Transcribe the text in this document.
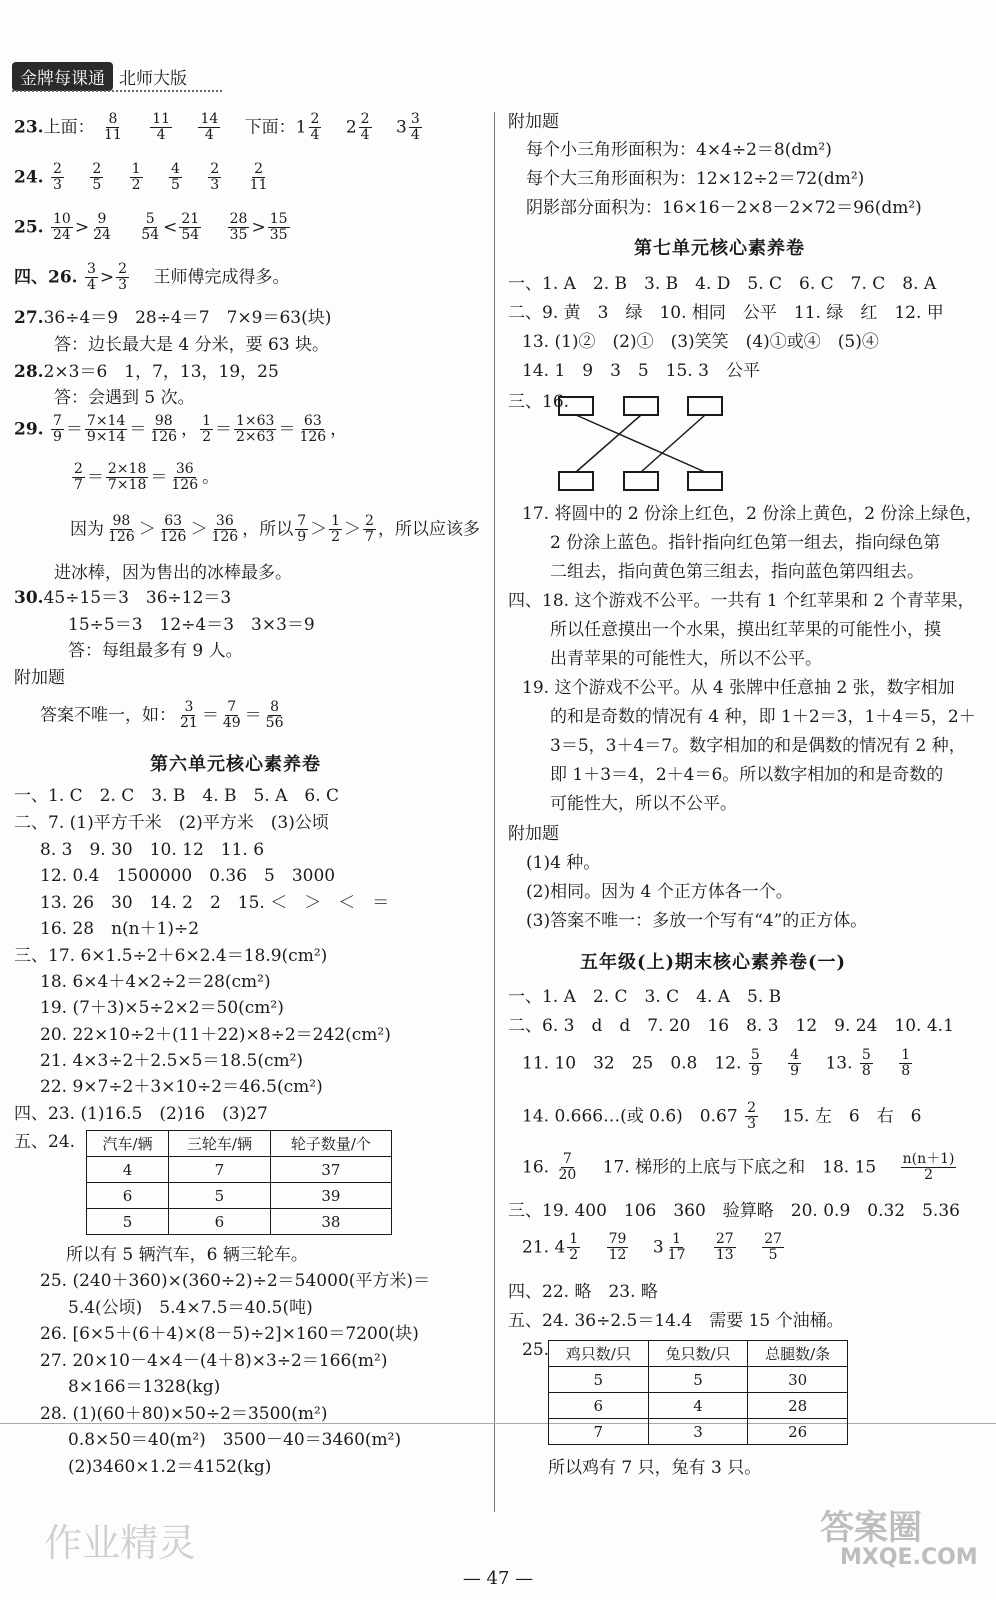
金牌每课通 北师大版
23.上面： $\frac{8}{11}$
　 $\frac{11}{4}$
　 $\frac{14}{4}$
　 下面：$1 \frac{2}{4}$
　 $2 \frac{2}{4}$
　 $3 \frac{3}{4}$
24. $\frac{2}{3}$
　 $\frac{2}{5}$
　 $\frac{1}{2}$
　 $\frac{4}{5}$
　 $\frac{2}{3}$
　 $\frac{2}{11}$
25. $\frac{10}{24} > \frac{9}{24}$
　 $\frac{5}{54} < \frac{21}{54}$
　 $\frac{28}{35} > \frac{15}{35}$
四、26. $\frac{3}{4} > \frac{2}{3}$
　 王师傅完成得多。
27.36÷4＝9　28÷4＝7　7×9＝63(块)
答：边长最大是 4 分米，要 63 块。
28.2×3＝6　1，7，13，19，25
答：会遇到 5 次。
29. $\frac{7}{9} = \frac{7\times 14}{9\times 14} = \frac{98}{126}$ ， $\frac{1}{2} = \frac{1\times 63}{2\times 63} = \frac{63}{126}$ ，
$\frac{2}{7} = \frac{2\times 18}{7\times 18} = \frac{36}{126}$ 。
因为 $\frac{98}{126} > \frac{63}{126} > \frac{36}{126}$ ，所以 $\frac{7}{9} > \frac{1}{2} > \frac{2}{7}$ ，所以应该多
进冰棒，因为售出的冰棒最多。
30.45÷15＝3　36÷12＝3
15÷5＝3　12÷4＝3　3×3＝9
答：每组最多有 9 人。
附加题
答案不唯一，如： $\frac{3}{21} = \frac{7}{49} = \frac{8}{56}$
第六单元核心素养卷
一、1. C　2. C　3. B　4. B　5. A　6. C
二、7. (1)平方千米　(2)平方米　(3)公顷
8. 3　9. 30　10. 12　11. 6
12. 0.4　1500000　0.36　5　3000
13. 26　30　14. 2　2　15. ＜　＞　＜　＝
16. 28　n(n＋1)÷2
三、17. 6×1.5÷2＋6×2.4＝18.9(cm²)
18. 6×4＋4×2÷2＝28(cm²)
19. (7＋3)×5÷2×2＝50(cm²)
20. 22×10÷2＋(11＋22)×8÷2＝242(cm²)
21. 4×3÷2＋2.5×5＝18.5(cm²)
22. 9×7÷2＋3×10÷2＝46.5(cm²)
四、23. (1)16.5　(2)16　(3)27
五、24. 汽车/辆	三轮车/辆	轮子数量/个
4	7	37
6	5	39
5	6	38
所以有 5 辆汽车，6 辆三轮车。
25. (240＋360)×(360÷2)÷2＝54000(平方米)＝
5.4(公顷)　5.4×7.5＝40.5(吨)
26. [6×5＋(6＋4)×(8－5)÷2]×160＝7200(块)
27. 20×10－4×4－(4＋8)×3÷2＝166(m²)
8×166＝1328(kg)
28. (1)(60＋80)×50÷2＝3500(m²)
0.8×50＝40(m²)　3500－40＝3460(m²)
(2)3460×1.2＝4152(kg)
附加题
每个小三角形面积为：4×4÷2＝8(dm²)
每个大三角形面积为：12×12÷2＝72(dm²)
阴影部分面积为：16×16－2×8－2×72＝96(dm²)
第七单元核心素养卷
一、1. A　2. B　3. B　4. D　5. C　6. C　7. C　8. A
二、9. 黄　3　绿　10. 相同　公平　11. 绿　红　12. 甲
13. (1)②　(2)①　(3)笑笑　(4)①或④　(5)④
14. 1　9　3　5　15. 3　公平
三、16.
17. 将圆中的 2 份涂上红色，2 份涂上黄色，2 份涂上绿色，
2 份涂上蓝色。指针指向红色第一组去，指向绿色第
二组去，指向黄色第三组去，指向蓝色第四组去。
四、18. 这个游戏不公平。一共有 1 个红苹果和 2 个青苹果，
所以任意摸出一个水果，摸出红苹果的可能性小，摸
出青苹果的可能性大，所以不公平。
19. 这个游戏不公平。从 4 张牌中任意抽 2 张，数字相加
的和是奇数的情况有 4 种，即 1＋2＝3，1＋4＝5，2＋
3＝5，3＋4＝7。数字相加的和是偶数的情况有 2 种，
即 1＋3＝4，2＋4＝6。所以数字相加的和是奇数的
可能性大，所以不公平。
附加题
(1)4 种。
(2)相同。因为 4 个正方体各一个。
(3)答案不唯一：多放一个写有“4”的正方体。
五年级(上)期末核心素养卷(一)
一、1. A　2. C　3. C　4. A　5. B
二、6. 3　d　d　7. 20　16　8. 3　12　9. 24　10. 4.1
11. 10　32　25　0.8　12. $\frac{5}{9}$
　 $\frac{4}{9}$
　 13. $\frac{5}{8}$
　 $\frac{1}{8}$
14. 0.666…(或 0.6̇)　$0.67 \frac{2}{3}$
　 15. 左　6　右　6
16. $\frac{7}{20}$
　 17. 梯形的上底与下底之和　18. 15　 $\frac{n(n+1)}{2}$
三、19. 400　106　360　验算略　20. 0.9　0.32　5.36
21. $4 \frac{1}{2}$
　 $\frac{79}{12}$
　 $3 \frac{1}{17}$
　 $\frac{27}{13}$
　 $\frac{27}{5}$
四、22. 略　23. 略
五、24. 36÷2.5＝14.4　需要 15 个油桶。
25. 鸡只数/只	兔只数/只	总腿数/条
5	5	30
6	4	28
7	3	26
所以鸡有 7 只，兔有 3 只。
— 47 —
作业精灵	答案圈
MXQE.COM
